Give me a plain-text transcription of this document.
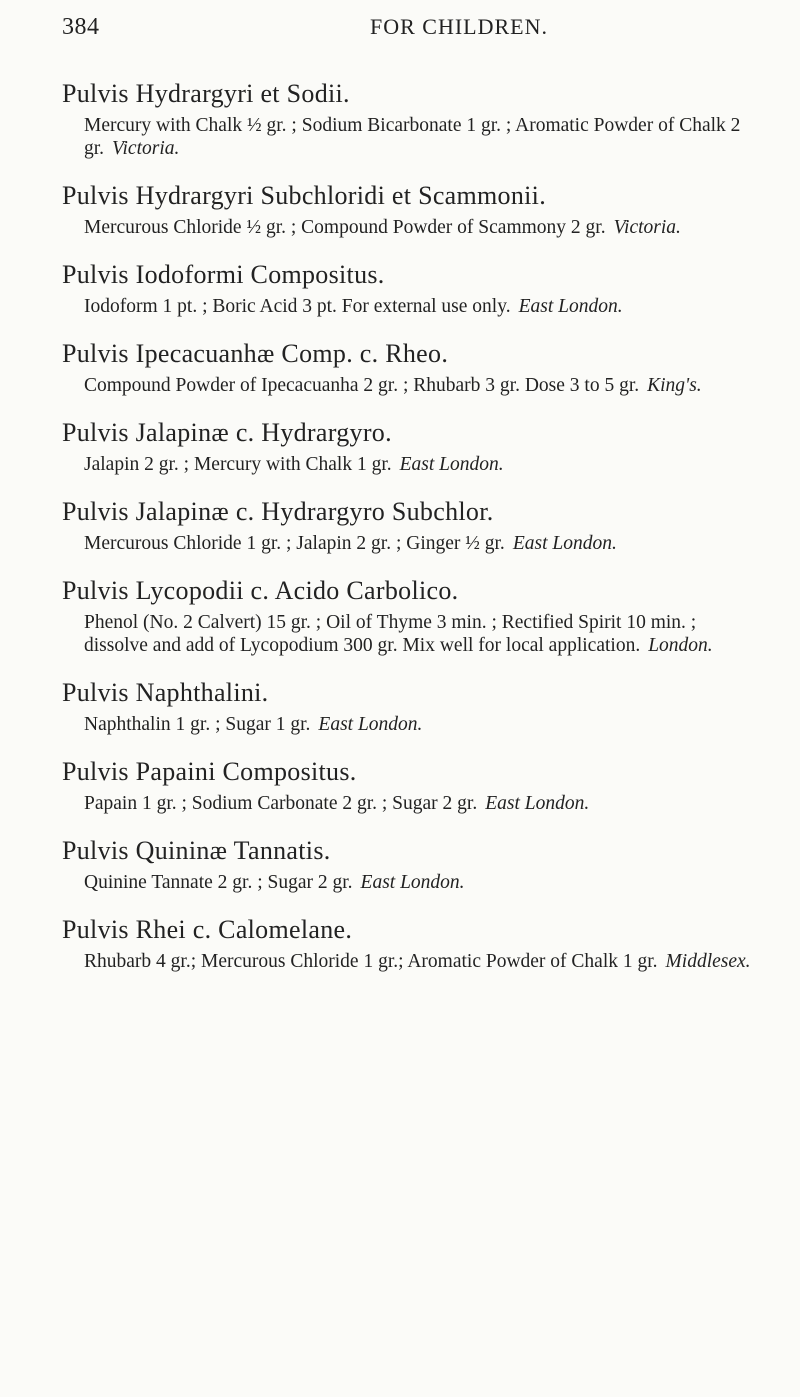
384	FOR CHILDREN.
Pulvis Hydrargyri et Sodii.
Mercury with Chalk ½ gr. ; Sodium Bicarbonate 1 gr. ; Aromatic Powder of Chalk 2 gr. Victoria.
Pulvis Hydrargyri Subchloridi et Scammonii.
Mercurous Chloride ½ gr. ; Compound Powder of Scammony 2 gr. Victoria.
Pulvis Iodoformi Compositus.
Iodoform 1 pt. ; Boric Acid 3 pt. For external use only. East London.
Pulvis Ipecacuanhæ Comp. c. Rheo.
Compound Powder of Ipecacuanha 2 gr. ; Rhubarb 3 gr. Dose 3 to 5 gr. King's.
Pulvis Jalapinæ c. Hydrargyro.
Jalapin 2 gr. ; Mercury with Chalk 1 gr. East London.
Pulvis Jalapinæ c. Hydrargyro Subchlor.
Mercurous Chloride 1 gr. ; Jalapin 2 gr. ; Ginger ½ gr. East London.
Pulvis Lycopodii c. Acido Carbolico.
Phenol (No. 2 Calvert) 15 gr. ; Oil of Thyme 3 min. ; Rectified Spirit 10 min. ; dissolve and add of Lycopodium 300 gr. Mix well for local application. London.
Pulvis Naphthalini.
Naphthalin 1 gr. ; Sugar 1 gr. East London.
Pulvis Papaini Compositus.
Papain 1 gr. ; Sodium Carbonate 2 gr. ; Sugar 2 gr. East London.
Pulvis Quininæ Tannatis.
Quinine Tannate 2 gr. ; Sugar 2 gr. East London.
Pulvis Rhei c. Calomelane.
Rhubarb 4 gr.; Mercurous Chloride 1 gr.; Aromatic Powder of Chalk 1 gr. Middlesex.
